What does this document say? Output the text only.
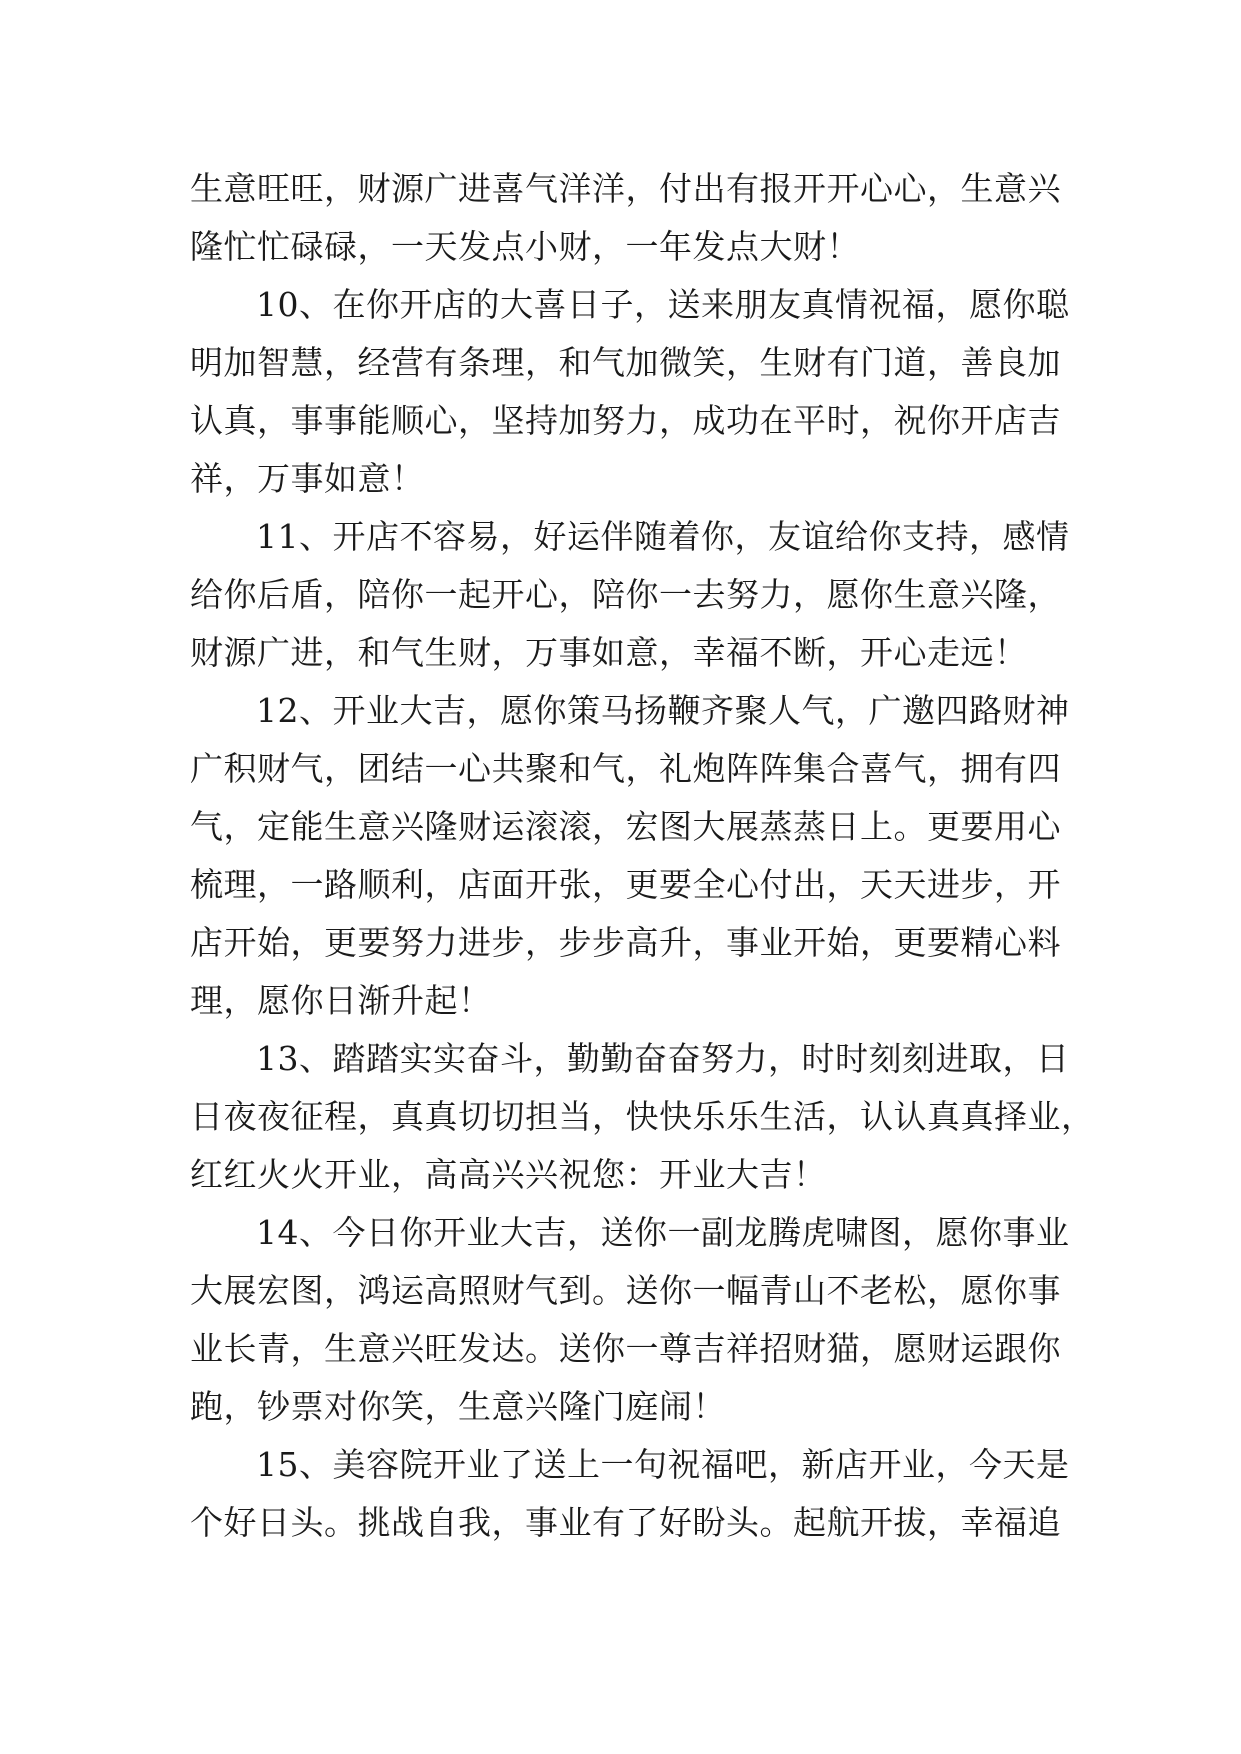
生意旺旺，财源广进喜气洋洋，付出有报开开心心，生意兴
隆忙忙碌碌，一天发点小财，一年发点大财！
10、在你开店的大喜日子，送来朋友真情祝福，愿你聪
明加智慧，经营有条理，和气加微笑，生财有门道，善良加
认真，事事能顺心，坚持加努力，成功在平时，祝你开店吉
祥，万事如意！
11、开店不容易，好运伴随着你，友谊给你支持，感情
给你后盾，陪你一起开心，陪你一去努力，愿你生意兴隆，
财源广进，和气生财，万事如意，幸福不断，开心走远！
12、开业大吉，愿你策马扬鞭齐聚人气，广邀四路财神
广积财气，团结一心共聚和气，礼炮阵阵集合喜气，拥有四
气，定能生意兴隆财运滚滚，宏图大展蒸蒸日上。更要用心
梳理，一路顺利，店面开张，更要全心付出，天天进步，开
店开始，更要努力进步，步步高升，事业开始，更要精心料
理，愿你日渐升起！
13、踏踏实实奋斗，勤勤奋奋努力，时时刻刻进取，日
日夜夜征程，真真切切担当，快快乐乐生活，认认真真择业，
红红火火开业，高高兴兴祝您：开业大吉！
14、今日你开业大吉，送你一副龙腾虎啸图，愿你事业
大展宏图，鸿运高照财气到。送你一幅青山不老松，愿你事
业长青，生意兴旺发达。送你一尊吉祥招财猫，愿财运跟你
跑，钞票对你笑，生意兴隆门庭闹！
15、美容院开业了送上一句祝福吧，新店开业，今天是
个好日头。挑战自我，事业有了好盼头。起航开拔，幸福追
